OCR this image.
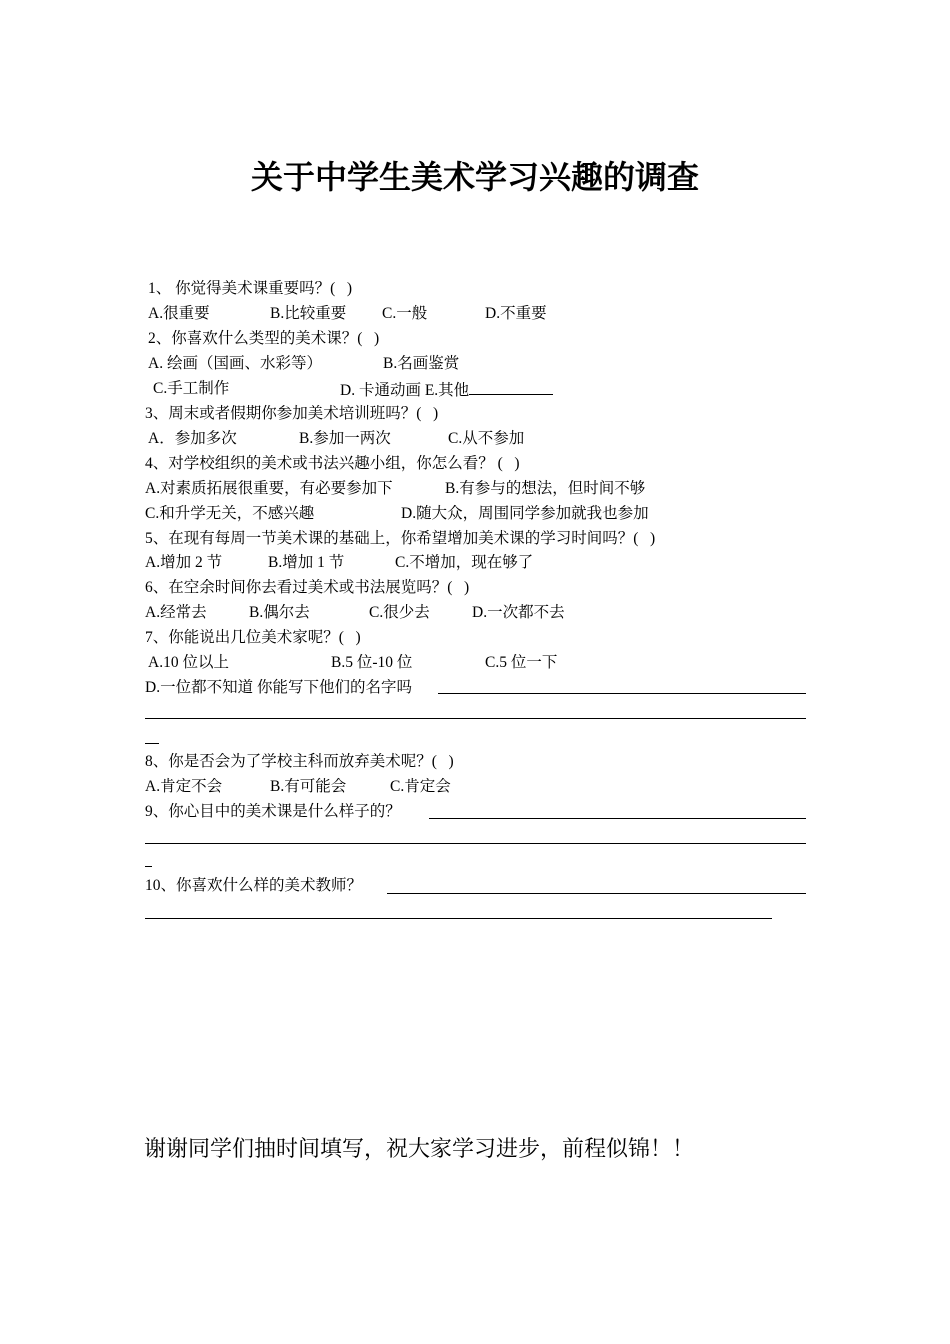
关于中学生美术学习兴趣的调查
1、 你觉得美术课重要吗？(   )
A.很重要	B.比较重要 C.一般	D.不重要
2、你喜欢什么类型的美术课？(   )
A. 绘画（国画、水彩等）	B.名画鉴赏
C.手工制作	D. 卡通动画 E.其他
3、周末或者假期你参加美术培训班吗？(   )
A．参加多次	B.参加一两次	C.从不参加
4、对学校组织的美术或书法兴趣小组，你怎么看？ (   )
A.对素质拓展很重要，有必要参加下	B.有参与的想法，但时间不够
C.和升学无关，不感兴趣	D.随大众，周围同学参加就我也参加
5、在现有每周一节美术课的基础上，你希望增加美术课的学习时间吗？(   )
A.增加 2 节	B.增加 1 节	C.不增加，现在够了
6、在空余时间你去看过美术或书法展览吗？(   )
A.经常去	B.偶尔去	C.很少去	D.一次都不去
7、你能说出几位美术家呢？(   )
A.10 位以上	B.5 位-10 位	C.5 位一下
D.一位都不知道 你能写下他们的名字吗
8、你是否会为了学校主科而放弃美术呢？(   )
A.肯定不会	B.有可能会	C.肯定会
9、你心目中的美术课是什么样子的？
10、你喜欢什么样的美术教师？

谢谢同学们抽时间填写，祝大家学习进步，前程似锦！！
